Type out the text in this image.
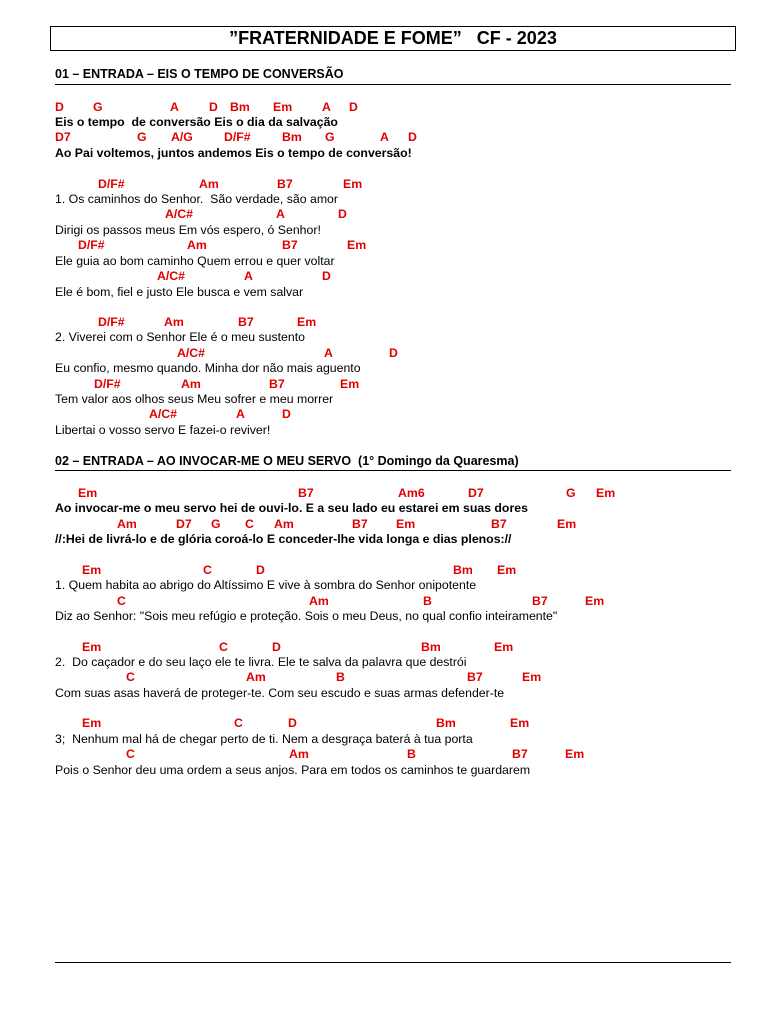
”FRATERNIDADE E FOME”   CF - 2023
01 – ENTRADA – EIS O TEMPO DE CONVERSÃO

D

G

	A

D

Bm

Em

A

D

Eis o tempo  de conversão Eis o dia da salvação

D7

	G

A/G

	D/F#

	Bm

G

	A

D

Ao Pai voltemos, juntos andemos Eis o tempo de conversão!

D/F#

	Am

	B7

	Em

1. Os caminhos do Senhor.  São verdade, são amor

A/C#

	A

	D

Dirigi os passos meus Em vós espero, ó Senhor!

D/F#

	Am

	B7

	Em

Ele guia ao bom caminho Quem errou e quer voltar

A/C#

	A

	D

Ele é bom, fiel e justo Ele busca e vem salvar

D/F#

	Am

	B7

	Em

2. Viverei com o Senhor Ele é o meu sustento

A/C#

	A

	D

Eu confio, mesmo quando. Minha dor não mais aguento

D/F#

	Am

	B7

	Em

Tem valor aos olhos seus Meu sofrer e meu morrer

A/C#

	A

	D

Libertai o vosso servo E fazei-o reviver!
02 – ENTRADA – AO INVOCAR-ME O MEU SERVO  (1° Domingo da Quaresma)

Em

	B7

	Am6

	D7

	G

Em

Ao invocar-me o meu servo hei de ouvi-lo. E a seu lado eu estarei em suas dores

Am

	D7

G

C

Am

	B7

Em

	B7

	Em

//:Hei de livrá-lo e de glória coroá-lo E conceder-lhe vida longa e dias plenos://

Em

	C

	D

	Bm

Em

1. Quem habita ao abrigo do Altíssimo E vive à sombra do Senhor onipotente

C

	Am

	B

	B7

	Em

Diz ao Senhor: "Sois meu refúgio e proteção. Sois o meu Deus, no qual confio inteiramente"

Em

	C

	D

	Bm

	Em

2.  Do caçador e do seu laço ele te livra. Ele te salva da palavra que destrói

C

	Am

	B

	B7

	Em

Com suas asas haverá de proteger-te. Com seu escudo e suas armas defender-te

Em

	C

	D

	Bm

	Em

3;  Nenhum mal há de chegar perto de ti. Nem a desgraça baterá à tua porta

C

	Am

	B

	B7

	Em

Pois o Senhor deu uma ordem a seus anjos. Para em todos os caminhos te guardarem
